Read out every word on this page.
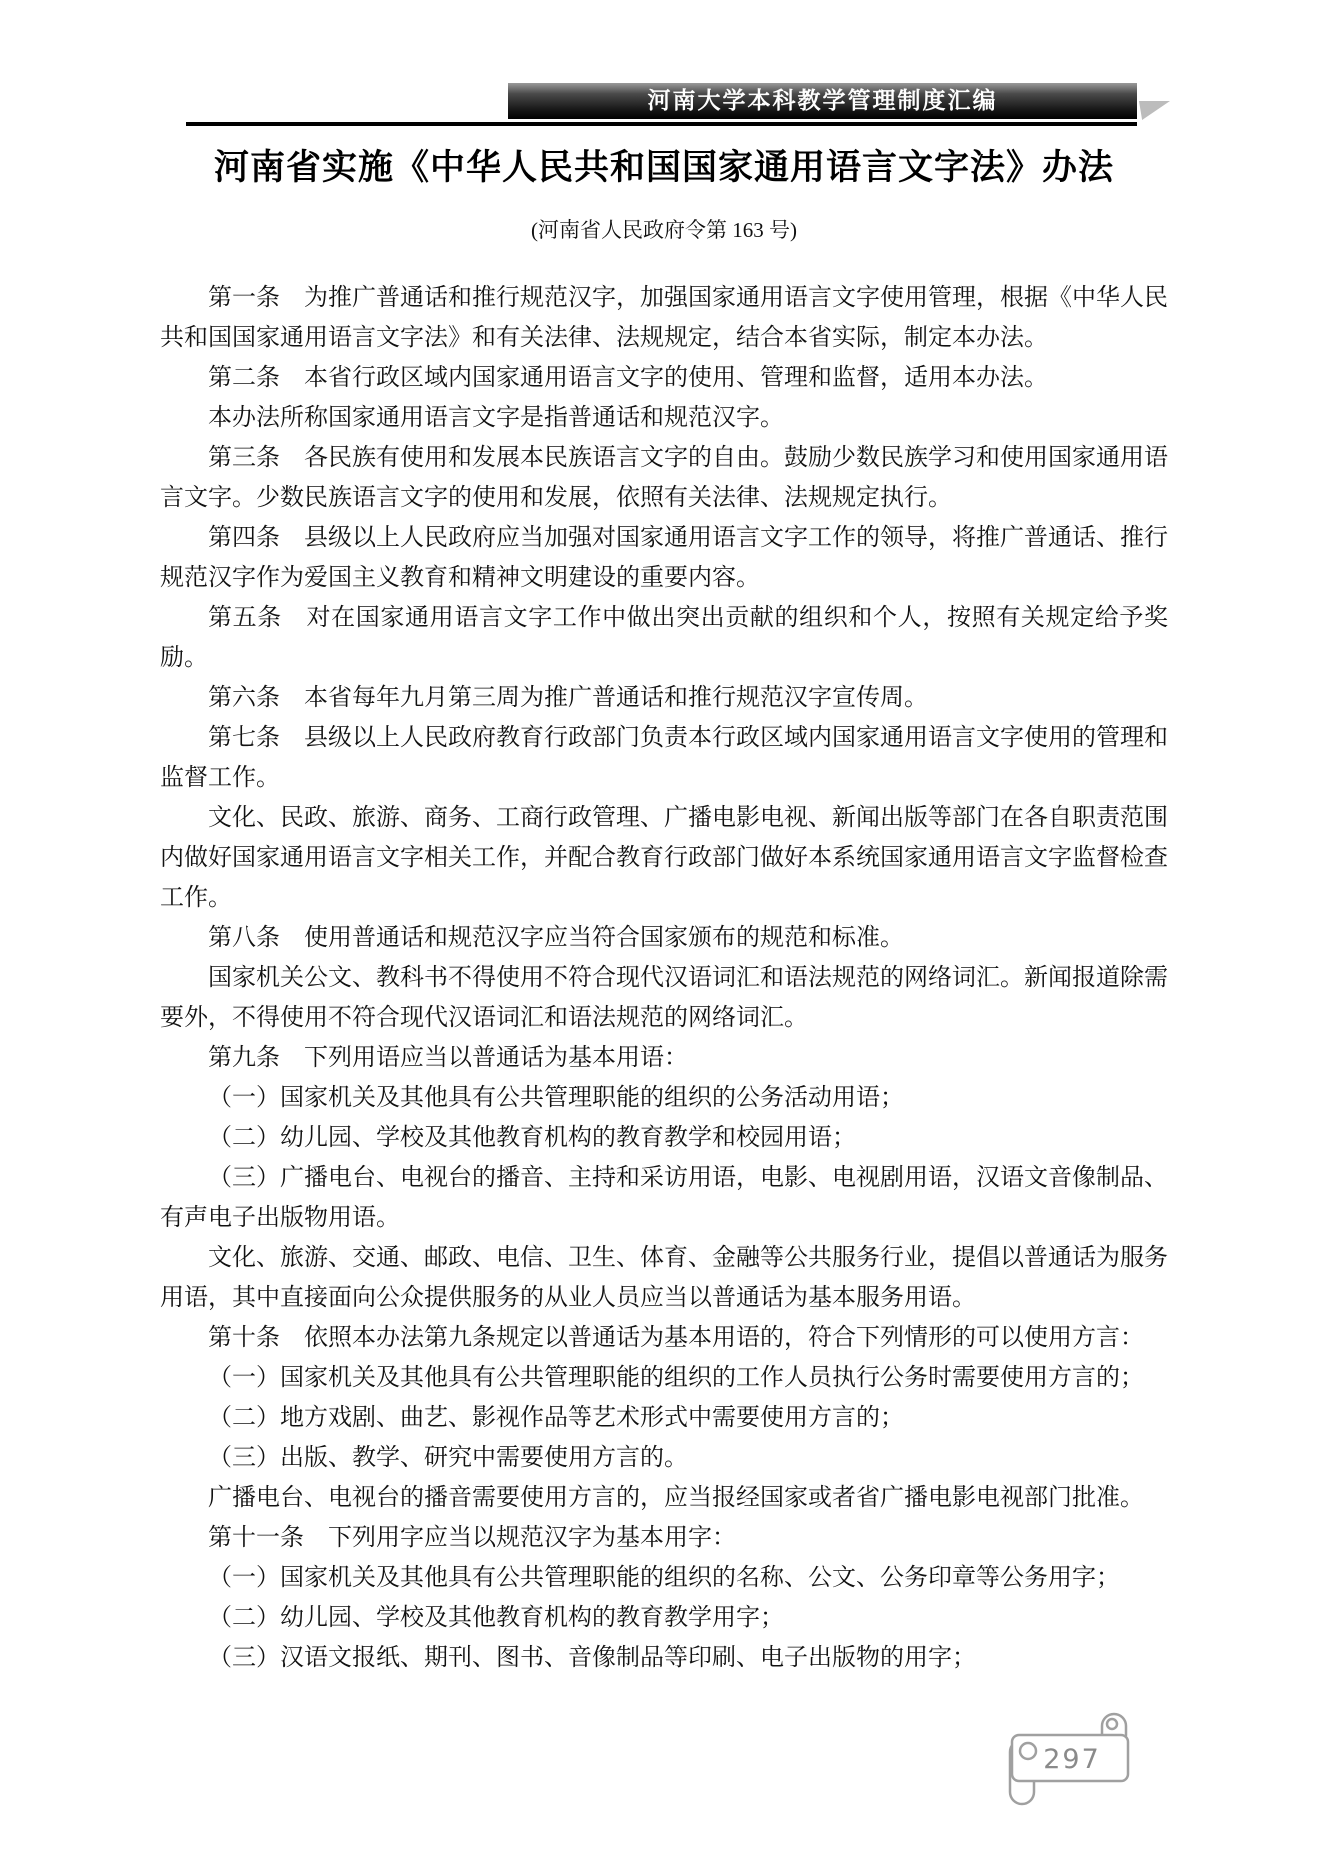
河南大学本科教学管理制度汇编
河南省实施《中华人民共和国国家通用语言文字法》办法
(河南省人民政府令第 163 号)

第一条　为推广普通话和推行规范汉字，加强国家通用语言文字使用管理，根据《中华人民共和国国家通用语言文字法》和有关法律、法规规定，结合本省实际，制定本办法。

第二条　本省行政区域内国家通用语言文字的使用、管理和监督，适用本办法。

本办法所称国家通用语言文字是指普通话和规范汉字。

第三条　各民族有使用和发展本民族语言文字的自由。鼓励少数民族学习和使用国家通用语言文字。少数民族语言文字的使用和发展，依照有关法律、法规规定执行。

第四条　县级以上人民政府应当加强对国家通用语言文字工作的领导，将推广普通话、推行规范汉字作为爱国主义教育和精神文明建设的重要内容。

第五条　对在国家通用语言文字工作中做出突出贡献的组织和个人，按照有关规定给予奖励。

第六条　本省每年九月第三周为推广普通话和推行规范汉字宣传周。

第七条　县级以上人民政府教育行政部门负责本行政区域内国家通用语言文字使用的管理和监督工作。

文化、民政、旅游、商务、工商行政管理、广播电影电视、新闻出版等部门在各自职责范围内做好国家通用语言文字相关工作，并配合教育行政部门做好本系统国家通用语言文字监督检查工作。

第八条　使用普通话和规范汉字应当符合国家颁布的规范和标准。

国家机关公文、教科书不得使用不符合现代汉语词汇和语法规范的网络词汇。新闻报道除需要外，不得使用不符合现代汉语词汇和语法规范的网络词汇。

第九条　下列用语应当以普通话为基本用语：

（一）国家机关及其他具有公共管理职能的组织的公务活动用语；

（二）幼儿园、学校及其他教育机构的教育教学和校园用语；

（三）广播电台、电视台的播音、主持和采访用语，电影、电视剧用语，汉语文音像制品、有声电子出版物用语。

文化、旅游、交通、邮政、电信、卫生、体育、金融等公共服务行业，提倡以普通话为服务用语，其中直接面向公众提供服务的从业人员应当以普通话为基本服务用语。

第十条　依照本办法第九条规定以普通话为基本用语的，符合下列情形的可以使用方言：

（一）国家机关及其他具有公共管理职能的组织的工作人员执行公务时需要使用方言的；

（二）地方戏剧、曲艺、影视作品等艺术形式中需要使用方言的；

（三）出版、教学、研究中需要使用方言的。

广播电台、电视台的播音需要使用方言的，应当报经国家或者省广播电影电视部门批准。

第十一条　下列用字应当以规范汉字为基本用字：

（一）国家机关及其他具有公共管理职能的组织的名称、公文、公务印章等公务用字；

（二）幼儿园、学校及其他教育机构的教育教学用字；

（三）汉语文报纸、期刊、图书、音像制品等印刷、电子出版物的用字；

297
